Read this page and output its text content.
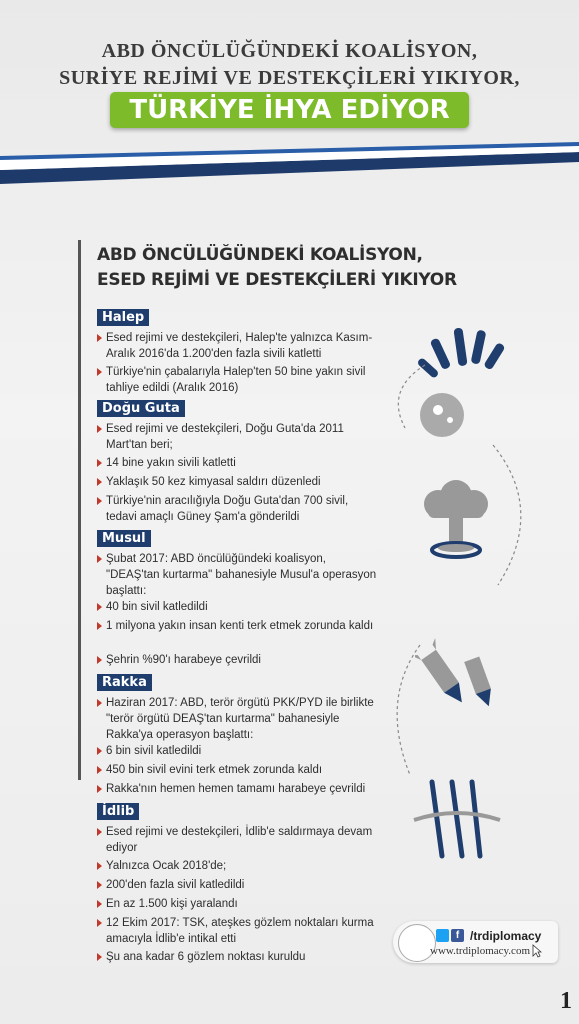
ABD ÖNCÜLÜĞÜNDEKİ KOALİSYON,
SURİYE REJİMİ VE DESTEKÇİLERİ YIKIYOR,
TÜRKİYE İHYA EDİYOR
ABD ÖNCÜLÜĞÜNDEKİ KOALİSYON,
ESED REJİMİ VE DESTEKÇİLERİ YIKIYOR
Halep
Esed rejimi ve destekçileri, Halep'te yalnızca Kasım-Aralık 2016'da 1.200'den fazla sivili katletti
Türkiye'nin çabalarıyla Halep'ten 50 bine yakın sivil tahliye edildi (Aralık 2016)
Doğu Guta
Esed rejimi ve destekçileri, Doğu Guta'da 2011 Mart'tan beri;
14 bine yakın sivili katletti
Yaklaşık 50 kez kimyasal saldırı düzenledi
Türkiye'nin aracılığıyla Doğu Guta'dan 700 sivil, tedavi amaçlı Güney Şam'a gönderildi
Musul
Şubat 2017: ABD öncülüğündeki koalisyon, "DEAŞ'tan kurtarma" bahanesiyle Musul'a operasyon başlattı:
40 bin sivil katledildi
1 milyona yakın insan kenti terk etmek zorunda kaldı
Şehrin %90'ı harabeye çevrildi
Rakka
Haziran 2017: ABD, terör örgütü PKK/PYD ile birlikte "terör örgütü DEAŞ'tan kurtarma" bahanesiyle Rakka'ya operasyon başlattı:
6 bin sivil katledildi
450 bin sivil evini terk etmek zorunda kaldı
Rakka'nın hemen hemen tamamı harabeye çevrildi
İdlib
Esed rejimi ve destekçileri, İdlib'e saldırmaya devam ediyor
Yalnızca Ocak 2018'de;
200'den fazla sivil katledildi
En az 1.500 kişi yaralandı
12 Ekim 2017: TSK, ateşkes gözlem noktaları kurma amacıyla İdlib'e intikal etti
Şu ana kadar 6 gözlem noktası kuruldu
f /trdiplomacy
www.trdiplomacy.com
1
